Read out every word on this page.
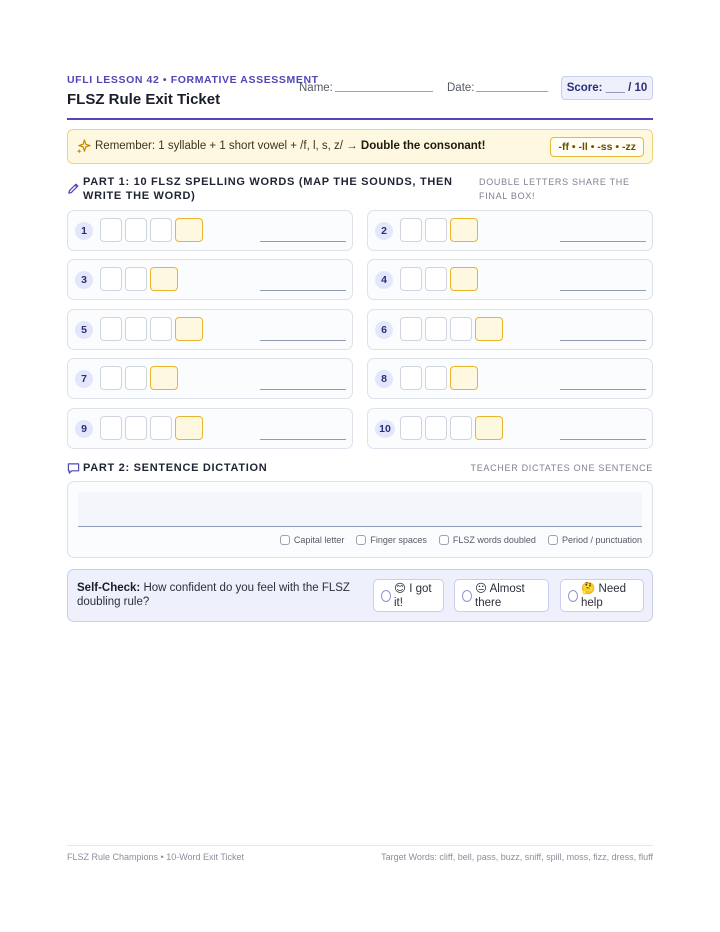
UFLI LESSON 42 • FORMATIVE ASSESSMENT
FLSZ Rule Exit Ticket
Name:	Date:	Score: ___ / 10
Remember: 1 syllable + 1 short vowel + /f, l, s, z/ → Double the consonant!	-ff • -ll • -ss • -zz
PART 1: 10 FLSZ SPELLING WORDS (MAP THE SOUNDS, THEN WRITE THE WORD)
DOUBLE LETTERS SHARE THE FINAL BOX!
1	2
3	4
5	6
7	8
9	10
PART 2: SENTENCE DICTATION	TEACHER DICTATES ONE SENTENCE
Capital letter	Finger spaces	FLSZ words doubled	Period / punctuation
Self-Check: How confident do you feel with the FLSZ doubling rule?
😊 I got it!
😐 Almost there
🤔 Need help
FLSZ Rule Champions • 10-Word Exit Ticket	Target Words: cliff, bell, pass, buzz, sniff, spill, moss, fizz, dress, fluff
